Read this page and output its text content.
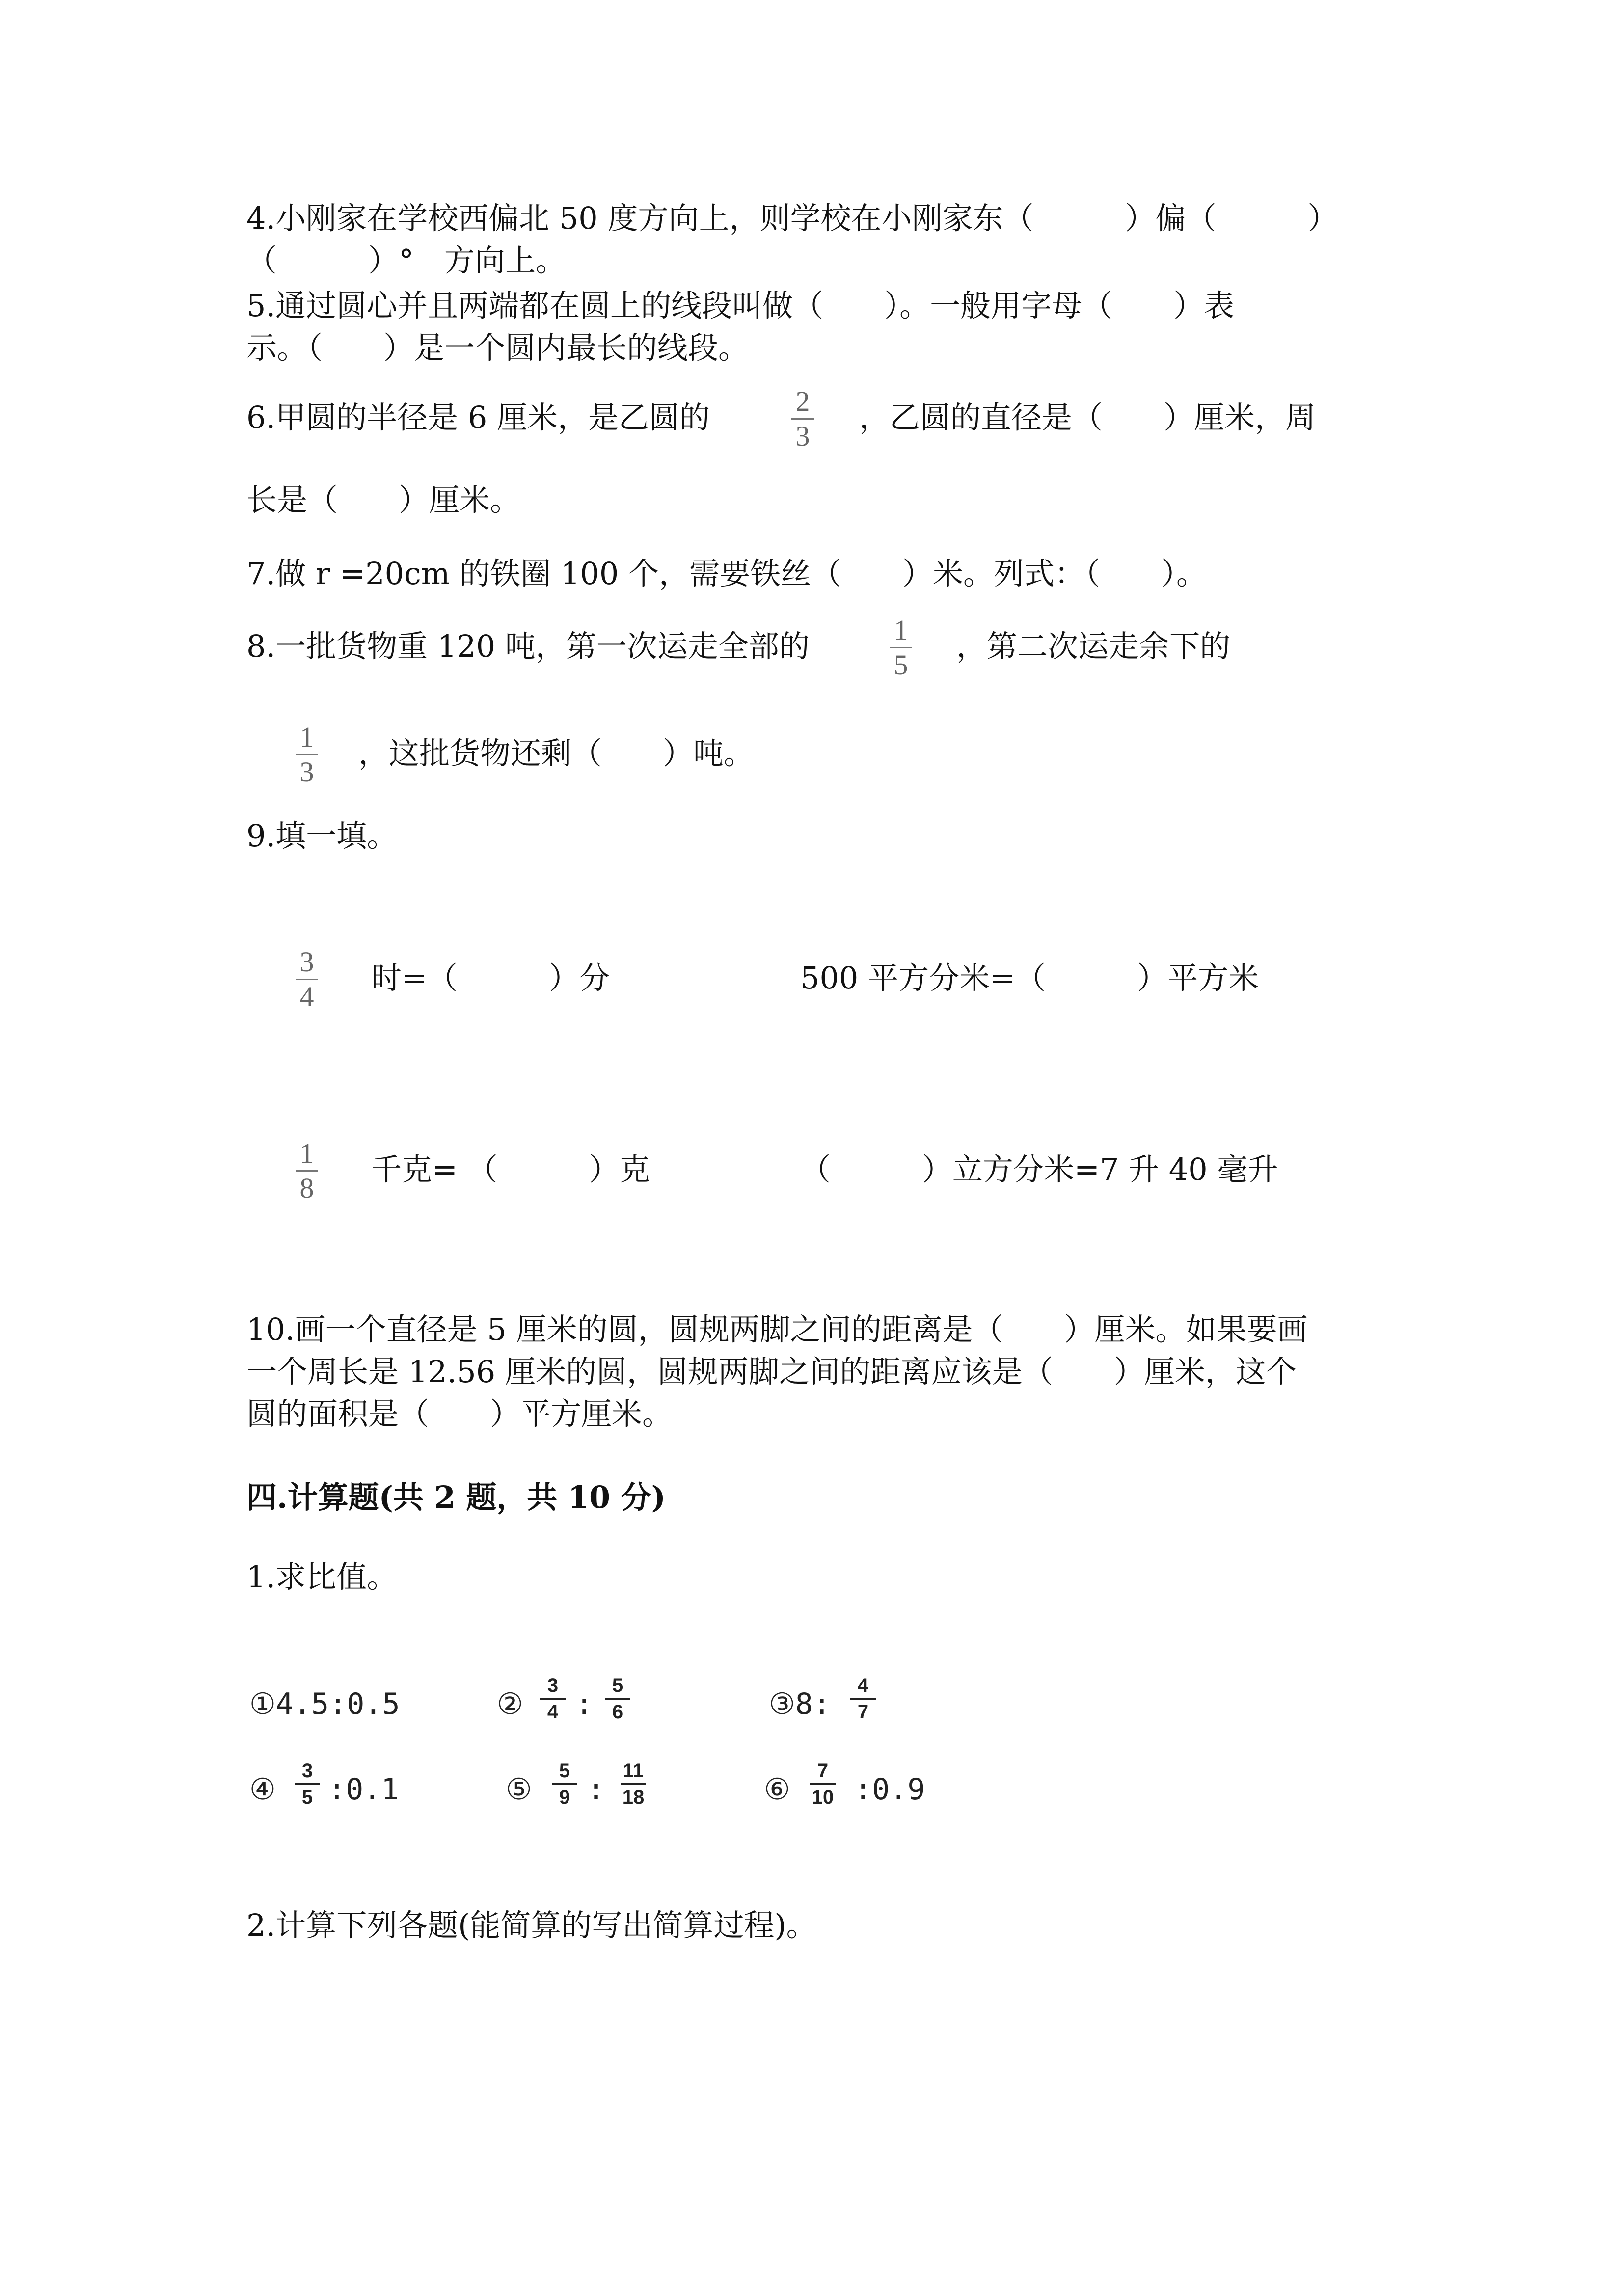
4.小刚家在学校西偏北 50 度方向上，则学校在小刚家东（　　　）偏（　　　）
（　　　）°　方向上。
5.通过圆心并且两端都在圆上的线段叫做（　　）。一般用字母（　　）表
示。（　　）是一个圆内最长的线段。
6.甲圆的半径是 6 厘米，是乙圆的	2
3
，乙圆的直径是（　　）厘米，周
长是（　　）厘米。
7.做 r =20cm 的铁圈 100 个，需要铁丝（　　）米。列式：（　　）。
8.一批货物重 120 吨，第一次运走全部的	1
5
，第二次运走余下的
1
3
，这批货物还剩（　　）吨。
9.填一填。
3
4
时=（　　　）分	500 平方分米=（　　　）平方米
1
8
千克= （　　　）克	（　　　）立方分米=7 升 40 毫升
10.画一个直径是 5 厘米的圆，圆规两脚之间的距离是（　　）厘米。如果要画
一个周长是 12.56 厘米的圆，圆规两脚之间的距离应该是（　　）厘米，这个
圆的面积是（　　）平方厘米。
四.计算题(共 2 题，共 10 分)
1.求比值。
①4.5:0.5	②
3
4 :
5
6	③8:
4
7
④
3
5 :0.1	⑤
5
9 :
11
18	⑥
7
10 :0.9
2.计算下列各题(能简算的写出简算过程)。
